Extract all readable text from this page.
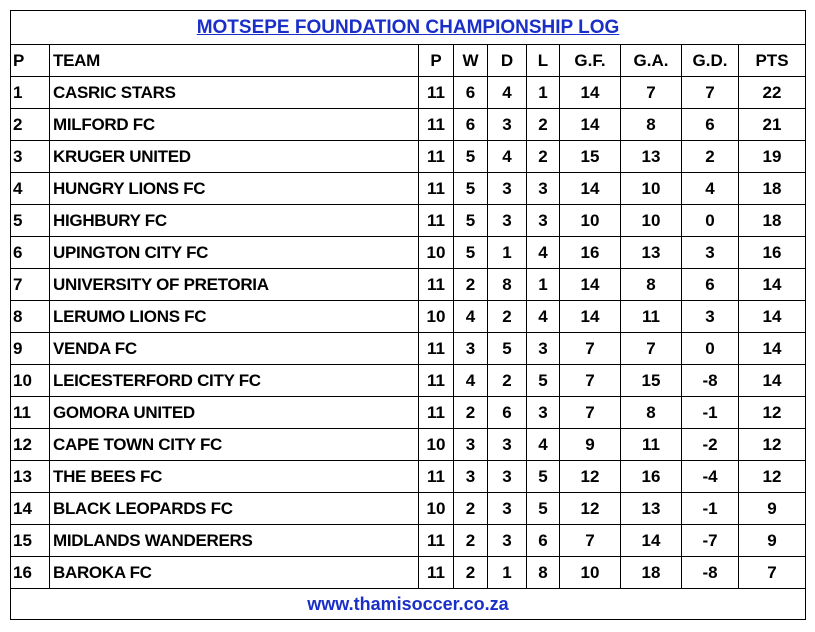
MOTSEPE FOUNDATION CHAMPIONSHIP LOG
P	TEAM	P	W	D	L	G.F.	G.A.	G.D.	PTS
1	CASRIC STARS	11	6	4	1	14	7	7	22
2	MILFORD FC	11	6	3	2	14	8	6	21
3	KRUGER UNITED	11	5	4	2	15	13	2	19
4	HUNGRY LIONS FC	11	5	3	3	14	10	4	18
5	HIGHBURY FC	11	5	3	3	10	10	0	18
6	UPINGTON CITY FC	10	5	1	4	16	13	3	16
7	UNIVERSITY OF PRETORIA	11	2	8	1	14	8	6	14
8	LERUMO LIONS FC	10	4	2	4	14	11	3	14
9	VENDA FC	11	3	5	3	7	7	0	14
10	LEICESTERFORD CITY FC	11	4	2	5	7	15	-8	14
11	GOMORA UNITED	11	2	6	3	7	8	-1	12
12	CAPE TOWN CITY FC	10	3	3	4	9	11	-2	12
13	THE BEES FC	11	3	3	5	12	16	-4	12
14	BLACK LEOPARDS FC	10	2	3	5	12	13	-1	9
15	MIDLANDS WANDERERS	11	2	3	6	7	14	-7	9
16	BAROKA FC	11	2	1	8	10	18	-8	7
www.thamisoccer.co.za
